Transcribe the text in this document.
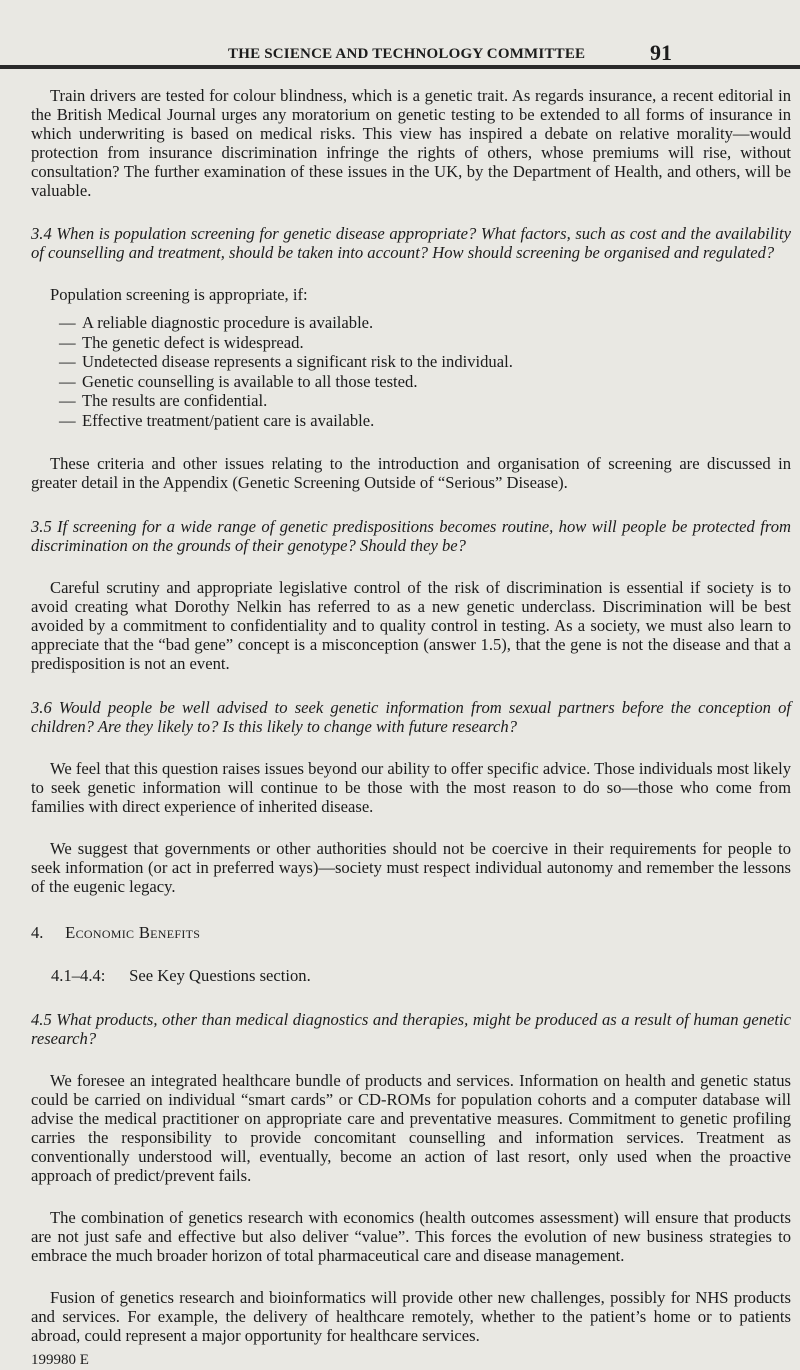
THE SCIENCE AND TECHNOLOGY COMMITTEE	91

Train drivers are tested for colour blindness, which is a genetic trait. As regards insurance, a recent editorial in the British Medical Journal urges any moratorium on genetic testing to be extended to all forms of insurance in which underwriting is based on medical risks. This view has inspired a debate on relative morality—would protection from insurance discrimination infringe the rights of others, whose premiums will rise, without consultation? The further examination of these issues in the UK, by the Department of Health, and others, will be valuable.

3.4 When is population screening for genetic disease appropriate? What factors, such as cost and the availability of counselling and treatment, should be taken into account? How should screening be organised and regulated?

Population screening is appropriate, if:

— A reliable diagnostic procedure is available.
— The genetic defect is widespread.
— Undetected disease represents a significant risk to the individual.
— Genetic counselling is available to all those tested.
— The results are confidential.
— Effective treatment/patient care is available.

These criteria and other issues relating to the introduction and organisation of screening are discussed in greater detail in the Appendix (Genetic Screening Outside of “Serious” Disease).

3.5 If screening for a wide range of genetic predispositions becomes routine, how will people be protected from discrimination on the grounds of their genotype? Should they be?

Careful scrutiny and appropriate legislative control of the risk of discrimination is essential if society is to avoid creating what Dorothy Nelkin has referred to as a new genetic underclass. Discrimination will be best avoided by a commitment to confidentiality and to quality control in testing. As a society, we must also learn to appreciate that the “bad gene” concept is a misconception (answer 1.5), that the gene is not the disease and that a predisposition is not an event.

3.6 Would people be well advised to seek genetic information from sexual partners before the conception of children? Are they likely to? Is this likely to change with future research?

We feel that this question raises issues beyond our ability to offer specific advice. Those individuals most likely to seek genetic information will continue to be those with the most reason to do so—those who come from families with direct experience of inherited disease.

We suggest that governments or other authorities should not be coercive in their requirements for people to seek information (or act in preferred ways)—society must respect individual autonomy and remember the lessons of the eugenic legacy.

4. Economic Benefits

4.1–4.4: See Key Questions section.

4.5 What products, other than medical diagnostics and therapies, might be produced as a result of human genetic research?

We foresee an integrated healthcare bundle of products and services. Information on health and genetic status could be carried on individual “smart cards” or CD-ROMs for population cohorts and a computer database will advise the medical practitioner on appropriate care and preventative measures. Commitment to genetic profiling carries the responsibility to provide concomitant counselling and information services. Treatment as conventionally understood will, eventually, become an action of last resort, only used when the proactive approach of predict/prevent fails.

The combination of genetics research with economics (health outcomes assessment) will ensure that products are not just safe and effective but also deliver “value”. This forces the evolution of new business strategies to embrace the much broader horizon of total pharmaceutical care and disease management.

Fusion of genetics research and bioinformatics will provide other new challenges, possibly for NHS products and services. For example, the delivery of healthcare remotely, whether to the patient’s home or to patients abroad, could represent a major opportunity for healthcare services.

199980 E
